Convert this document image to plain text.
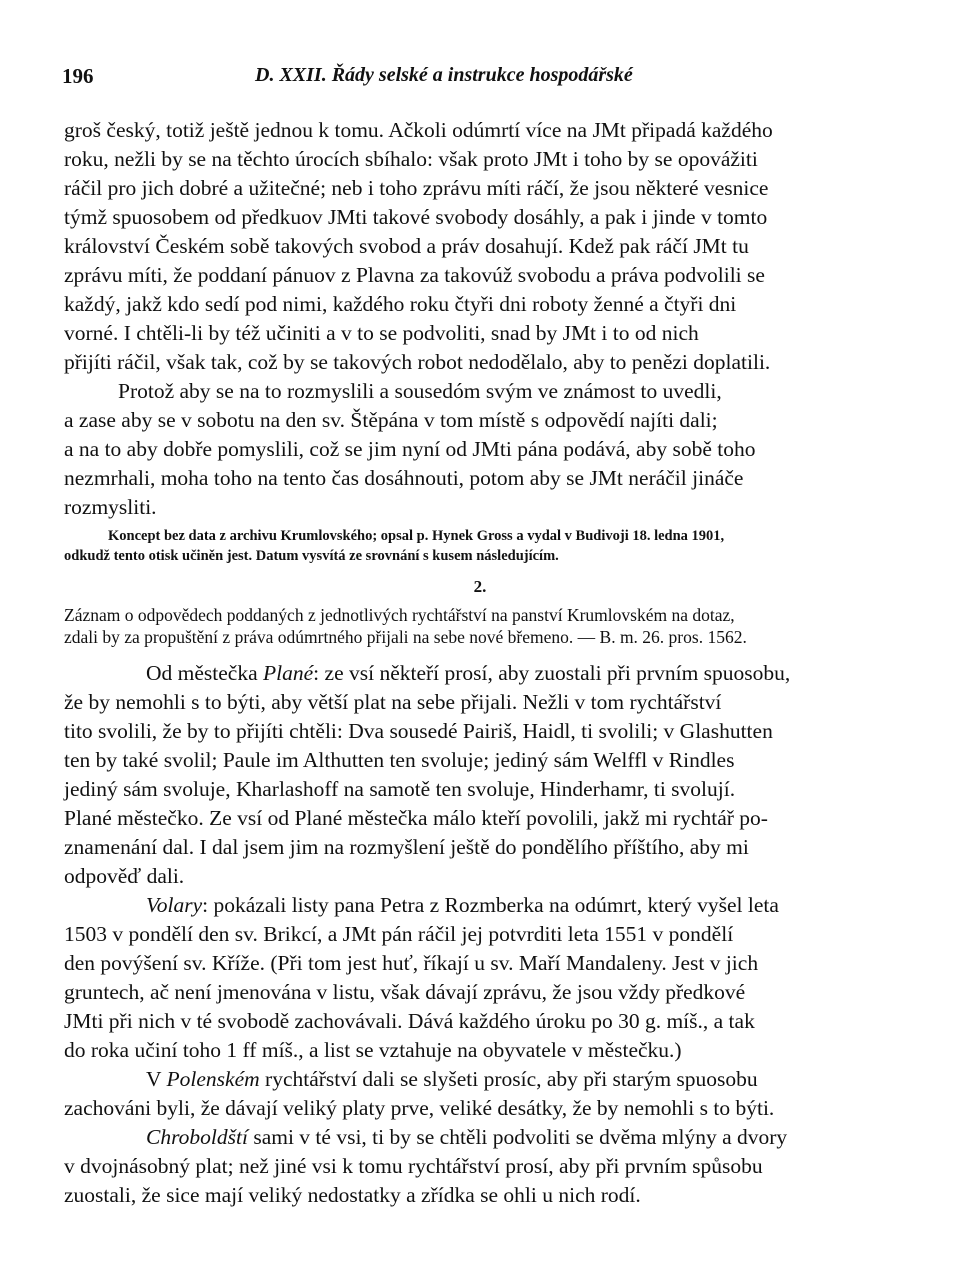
196	D. XXII. Řády selské a instrukce hospodářské

groš český, totiž ještě jednou k tomu. Ačkoli odúmrtí více na JMt připadá každého

roku, nežli by se na těchto úrocích sbíhalo: však proto JMt i toho by se opovážiti

ráčil pro jich dobré a užitečné; neb i toho zprávu míti ráčí, že jsou některé vesnice

týmž spuosobem od předkuov JMti takové svobody dosáhly, a pak i jinde v tomto

království Českém sobě takových svobod a práv dosahují. Kdež pak ráčí JMt tu

zprávu míti, že poddaní pánuov z Plavna za takovúž svobodu a práva podvolili se

každý, jakž kdo sedí pod nimi, každého roku čtyři dni roboty ženné a čtyři dni

vorné. I chtěli-li by též učiniti a v to se podvoliti, snad by JMt i to od nich

přijíti ráčil, však tak, což by se takových robot nedodělalo, aby to penězi doplatili.

Protož aby se na to rozmyslili a sousedóm svým ve známost to uvedli,

a zase aby se v sobotu na den sv. Štěpána v tom místě s odpovědí najíti dali;

a na to aby dobře pomyslili, což se jim nyní od JMti pána podává, aby sobě toho

nezmrhali, moha toho na tento čas dosáhnouti, potom aby se JMt neráčil jináče

rozmysliti.

Koncept bez data z archivu Krumlovského; opsal p. Hynek Gross a vydal v Budivoji 18. ledna 1901,

odkudž tento otisk učiněn jest. Datum vysvítá ze srovnání s kusem následujícím.

2.

Záznam o odpovědech poddaných z jednotlivých rychtářství na panství Krumlovském na dotaz,

zdali by za propuštění z práva odúmrtného přijali na sebe nové břemeno. — B. m. 26. pros. 1562.

Od městečka Plané: ze vsí někteří prosí, aby zuostali při prvním spuosobu,

že by nemohli s to býti, aby větší plat na sebe přijali. Nežli v tom rychtářství

tito svolili, že by to přijíti chtěli: Dva sousedé Pairiš, Haidl, ti svolili; v Glashutten

ten by také svolil; Paule im Althutten ten svoluje; jediný sám Welffl v Rindles

jediný sám svoluje, Kharlashoff na samotě ten svoluje, Hinderhamr, ti svolují.

Plané městečko. Ze vsí od Plané městečka málo kteří povolili, jakž mi rychtář po-

znamenání dal. I dal jsem jim na rozmyšlení ještě do pondělího příštího, aby mi

odpověď dali.

Volary: pokázali listy pana Petra z Rozmberka na odúmrt, který vyšel leta

1503 v pondělí den sv. Brikcí, a JMt pán ráčil jej potvrditi leta 1551 v pondělí

den povýšení sv. Kříže. (Při tom jest huť, říkají u sv. Maří Mandaleny. Jest v jich

gruntech, ač není jmenována v listu, však dávají zprávu, že jsou vždy předkové

JMti při nich v té svobodě zachovávali. Dává každého úroku po 30 g. míš., a tak

do roka učiní toho 1 ff míš., a list se vztahuje na obyvatele v městečku.)

V Polenském rychtářství dali se slyšeti prosíc, aby při starým spuosobu

zachováni byli, že dávají veliký platy prve, veliké desátky, že by nemohli s to býti.

Chroboldští sami v té vsi, ti by se chtěli podvoliti se dvěma mlýny a dvory

v dvojnásobný plat; než jiné vsi k tomu rychtářství prosí, aby při prvním spůsobu

zuostali, že sice mají veliký nedostatky a zřídka se ohli u nich rodí.
